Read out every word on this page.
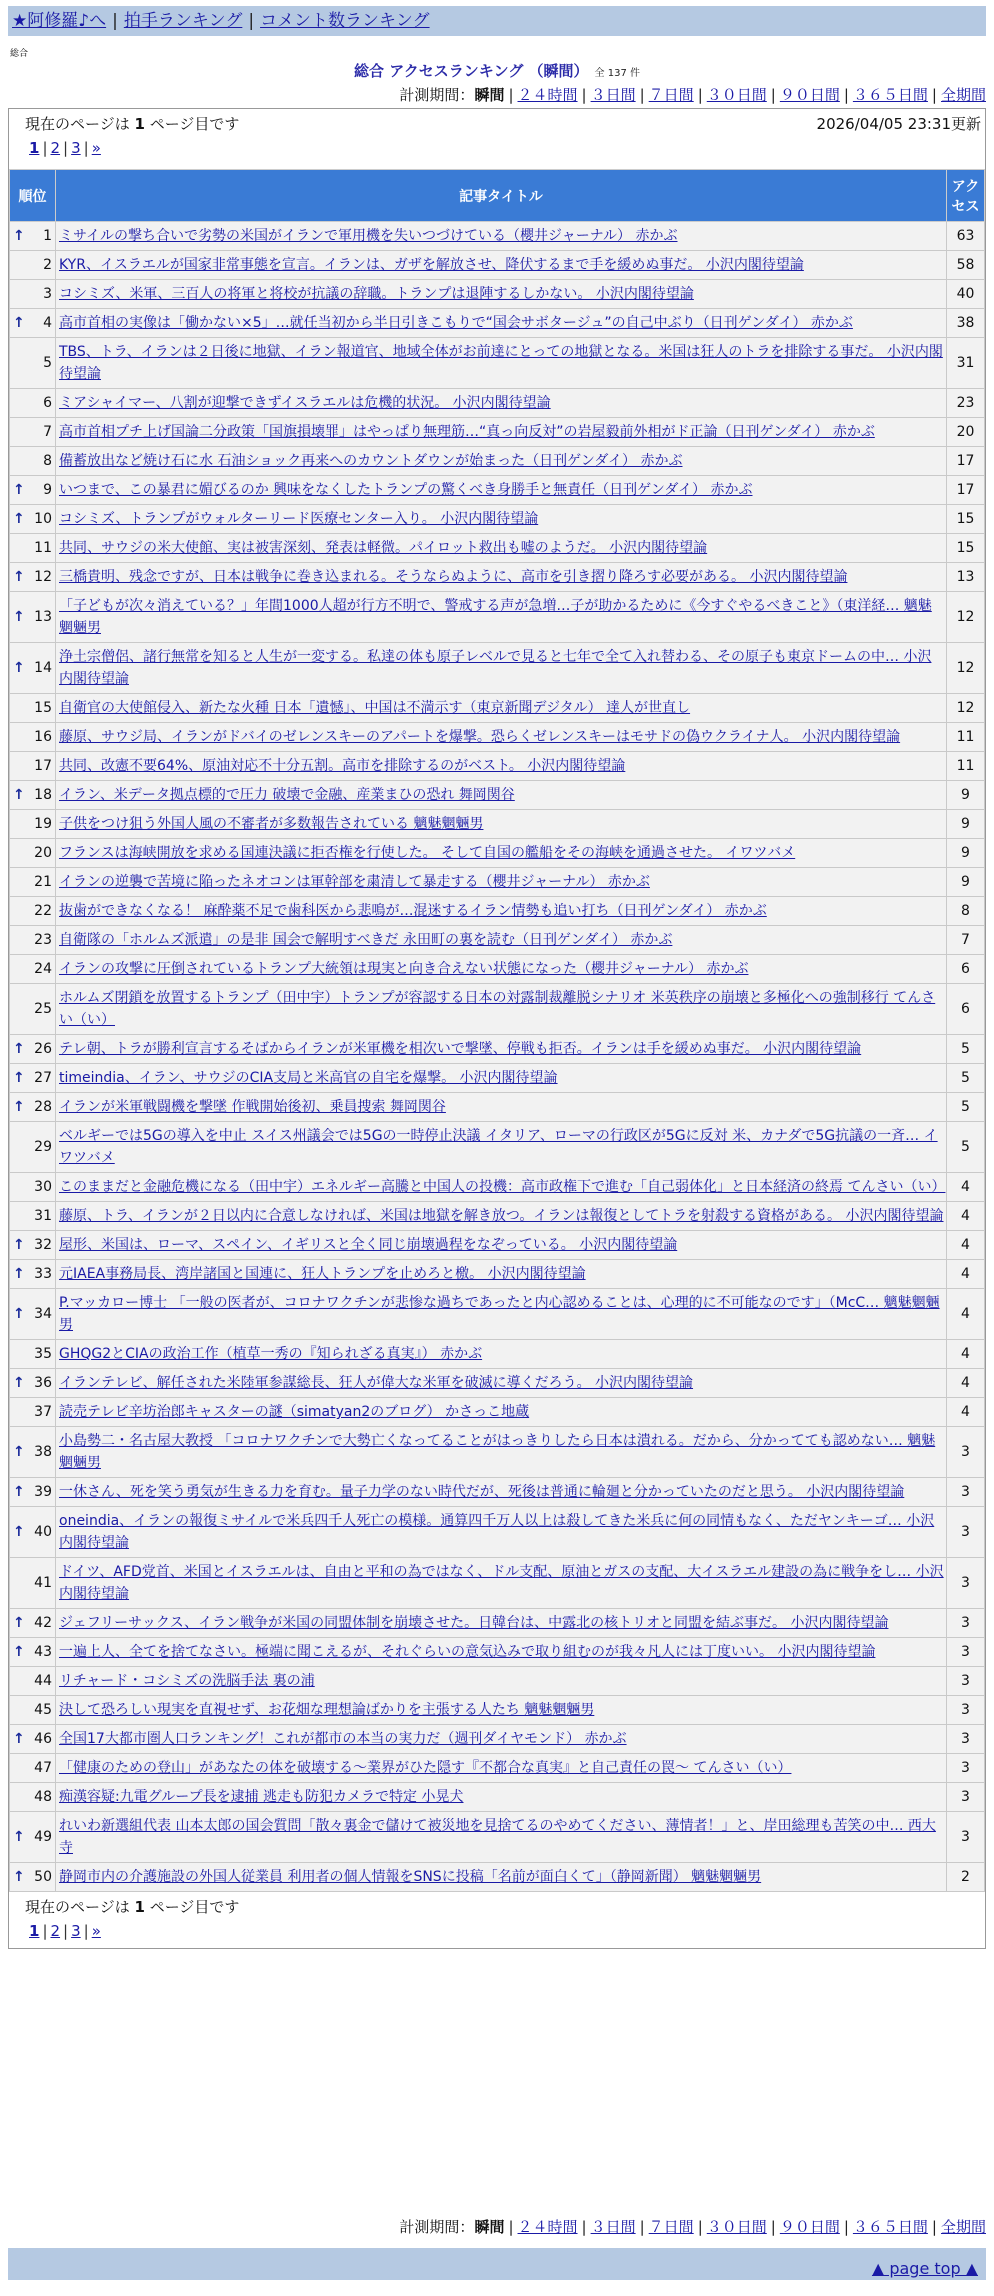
★阿修羅♪へ | 拍手ランキング | コメント数ランキング
総合
総合 アクセスランキング （瞬間） 全 137 件
計測期間：瞬間 | ２４時間 | ３日間 | ７日間 | ３０日間 | ９０日間 | ３６５日間 | 全期間
現在のページは 1 ページ目です	2026/04/05 23:31更新
1 | 2 | 3 | »
順位	記事タイトル	アクセス

↑ 1	ミサイルの撃ち合いで劣勢の米国がイランで軍用機を失いつづけている（櫻井ジャーナル） 赤かぶ	63
2	KYR、イスラエルが国家非常事態を宣言。イランは、ガザを解放させ、降伏するまで手を緩めぬ事だ。 小沢内閣待望論	58
3	コシミズ、米軍、三百人の将軍と将校が抗議の辞職。トランプは退陣するしかない。 小沢内閣待望論	40

↑ 4	高市首相の実像は「働かない×5」…就任当初から半日引きこもりで“国会サボタージュ”の自己中ぶり（日刊ゲンダイ） 赤かぶ	38
5	TBS、トラ、イランは２日後に地獄、イラン報道官、地域全体がお前達にとっての地獄となる。米国は狂人のトラを排除する事だ。 小沢内閣待望論	31
6	ミアシャイマー、八割が迎撃できずイスラエルは危機的状況。 小沢内閣待望論	23
7	高市首相プチ上げ国論二分政策「国旗損壊罪」はやっぱり無理筋…“真っ向反対”の岩屋毅前外相がド正論（日刊ゲンダイ） 赤かぶ	20
8	備蓄放出など焼け石に水 石油ショック再来へのカウントダウンが始まった（日刊ゲンダイ） 赤かぶ	17

↑ 9	いつまで、この暴君に媚びるのか 興味をなくしたトランプの驚くべき身勝手と無責任（日刊ゲンダイ） 赤かぶ	17

↑ 10	コシミズ、トランプがウォルターリード医療センター入り。 小沢内閣待望論	15
11	共同、サウジの米大使館、実は被害深刻、発表は軽微。パイロット救出も嘘のようだ。 小沢内閣待望論	15

↑ 12	三橋貴明、残念ですが、日本は戦争に巻き込まれる。そうならぬように、高市を引き摺り降ろす必要がある。 小沢内閣待望論	13

↑ 13	「子どもが次々消えている？」年間1000人超が行方不明で、警戒する声が急増…子が助かるために《今すぐやるべきこと》（東洋経… 魑魅魍魎男	12

↑ 14	浄土宗僧侶、諸行無常を知ると人生が一変する。私達の体も原子レベルで見ると七年で全て入れ替わる、その原子も東京ドームの中… 小沢内閣待望論	12
15	自衛官の大使館侵入、新たな火種 日本「遺憾」、中国は不満示す（東京新聞デジタル） 達人が世直し	12
16	藤原、サウジ局、イランがドバイのゼレンスキーのアパートを爆撃。恐らくゼレンスキーはモサドの偽ウクライナ人。 小沢内閣待望論	11
17	共同、改憲不要64%、原油対応不十分五割。高市を排除するのがベスト。 小沢内閣待望論	11

↑ 18	イラン、米データ拠点標的で圧力 破壊で金融、産業まひの恐れ 舞岡関谷	9
19	子供をつけ狙う外国人風の不審者が多数報告されている 魑魅魍魎男	9
20	フランスは海峡開放を求める国連決議に拒否権を行使した。 そして自国の艦船をその海峡を通過させた。 イワツバメ	9
21	イランの逆襲で苦境に陥ったネオコンは軍幹部を粛清して暴走する（櫻井ジャーナル） 赤かぶ	9
22	抜歯ができなくなる！ 麻酔薬不足で歯科医から悲鳴が…混迷するイラン情勢も追い打ち（日刊ゲンダイ） 赤かぶ	8
23	自衛隊の「ホルムズ派遣」の是非 国会で解明すべきだ 永田町の裏を読む（日刊ゲンダイ） 赤かぶ	7
24	イランの攻撃に圧倒されているトランプ大統領は現実と向き合えない状態になった（櫻井ジャーナル） 赤かぶ	6
25	ホルムズ閉鎖を放置するトランプ（田中宇）トランプが容認する日本の対露制裁離脱シナリオ 米英秩序の崩壊と多極化への強制移行 てんさい（い）	6

↑ 26	テレ朝、トラが勝利宣言するそばからイランが米軍機を相次いで撃墜、停戦も拒否。イランは手を緩めぬ事だ。 小沢内閣待望論	5

↑ 27	timeindia、イラン、サウジのCIA支局と米高官の自宅を爆撃。 小沢内閣待望論	5

↑ 28	イランが米軍戦闘機を撃墜 作戦開始後初、乗員捜索 舞岡関谷	5
29	ベルギーでは5Gの導入を中止 スイス州議会では5Gの一時停止決議 イタリア、ローマの行政区が5Gに反対 米、カナダで5G抗議の一斉… イワツバメ	5
30	このままだと金融危機になる（田中宇）エネルギー高騰と中国人の投機：高市政権下で進む「自己弱体化」と日本経済の終焉 てんさい（い）	4
31	藤原、トラ、イランが２日以内に合意しなければ、米国は地獄を解き放つ。イランは報復としてトラを射殺する資格がある。 小沢内閣待望論	4

↑ 32	屋形、米国は、ローマ、スペイン、イギリスと全く同じ崩壊過程をなぞっている。 小沢内閣待望論	4

↑ 33	元IAEA事務局長、湾岸諸国と国連に、狂人トランプを止めろと檄。 小沢内閣待望論	4

↑ 34	P.マッカロー博士 「一般の医者が、コロナワクチンが悲惨な過ちであったと内心認めることは、心理的に不可能なのです」（McC… 魑魅魍魎男	4
35	GHQG2とCIAの政治工作（植草一秀の『知られざる真実』） 赤かぶ	4

↑ 36	イランテレビ、解任された米陸軍参謀総長、狂人が偉大な米軍を破滅に導くだろう。 小沢内閣待望論	4
37	読売テレビ辛坊治郎キャスターの謎（simatyan2のブログ） かさっこ地蔵	4

↑ 38	小島勢二・名古屋大教授 「コロナワクチンで大勢亡くなってることがはっきりしたら日本は潰れる。だから、分かってても認めない… 魑魅魍魎男	3

↑ 39	一休さん、死を笑う勇気が生きる力を育む。量子力学のない時代だが、死後は普通に輪廻と分かっていたのだと思う。 小沢内閣待望論	3

↑ 40	oneindia、イランの報復ミサイルで米兵四千人死亡の模様。通算四千万人以上は殺してきた米兵に何の同情もなく、ただヤンキーゴ… 小沢内閣待望論	3
41	ドイツ、AFD党首、米国とイスラエルは、自由と平和の為ではなく、ドル支配、原油とガスの支配、大イスラエル建設の為に戦争をし… 小沢内閣待望論	3

↑ 42	ジェフリーサックス、イラン戦争が米国の同盟体制を崩壊させた。日韓台は、中露北の核トリオと同盟を結ぶ事だ。 小沢内閣待望論	3

↑ 43	一遍上人、全てを捨てなさい。極端に聞こえるが、それぐらいの意気込みで取り組むのが我々凡人には丁度いい。 小沢内閣待望論	3
44	リチャード・コシミズの洗脳手法 裏の浦	3
45	決して恐ろしい現実を直視せず、お花畑な理想論ばかりを主張する人たち 魑魅魍魎男	3

↑ 46	全国17大都市圏人口ランキング！これが都市の本当の実力だ（週刊ダイヤモンド） 赤かぶ	3
47	「健康のための登山」があなたの体を破壊する〜業界がひた隠す『不都合な真実』と自己責任の罠〜 てんさい（い）	3
48	痴漢容疑:九電グループ長を逮捕 逃走も防犯カメラで特定 小晃犬	3

↑ 49	れいわ新選組代表 山本太郎の国会質問「散々裏金で儲けて被災地を見捨てるのやめてください、薄情者！」と、岸田総理も苦笑の中… 西大寺	3

↑ 50	静岡市内の介護施設の外国人従業員 利用者の個人情報をSNSに投稿「名前が面白くて」（静岡新聞） 魑魅魍魎男	2
現在のページは 1 ページ目です
1 | 2 | 3 | »
計測期間：瞬間 | ２４時間 | ３日間 | ７日間 | ３０日間 | ９０日間 | ３６５日間 | 全期間
▲ page top ▲
